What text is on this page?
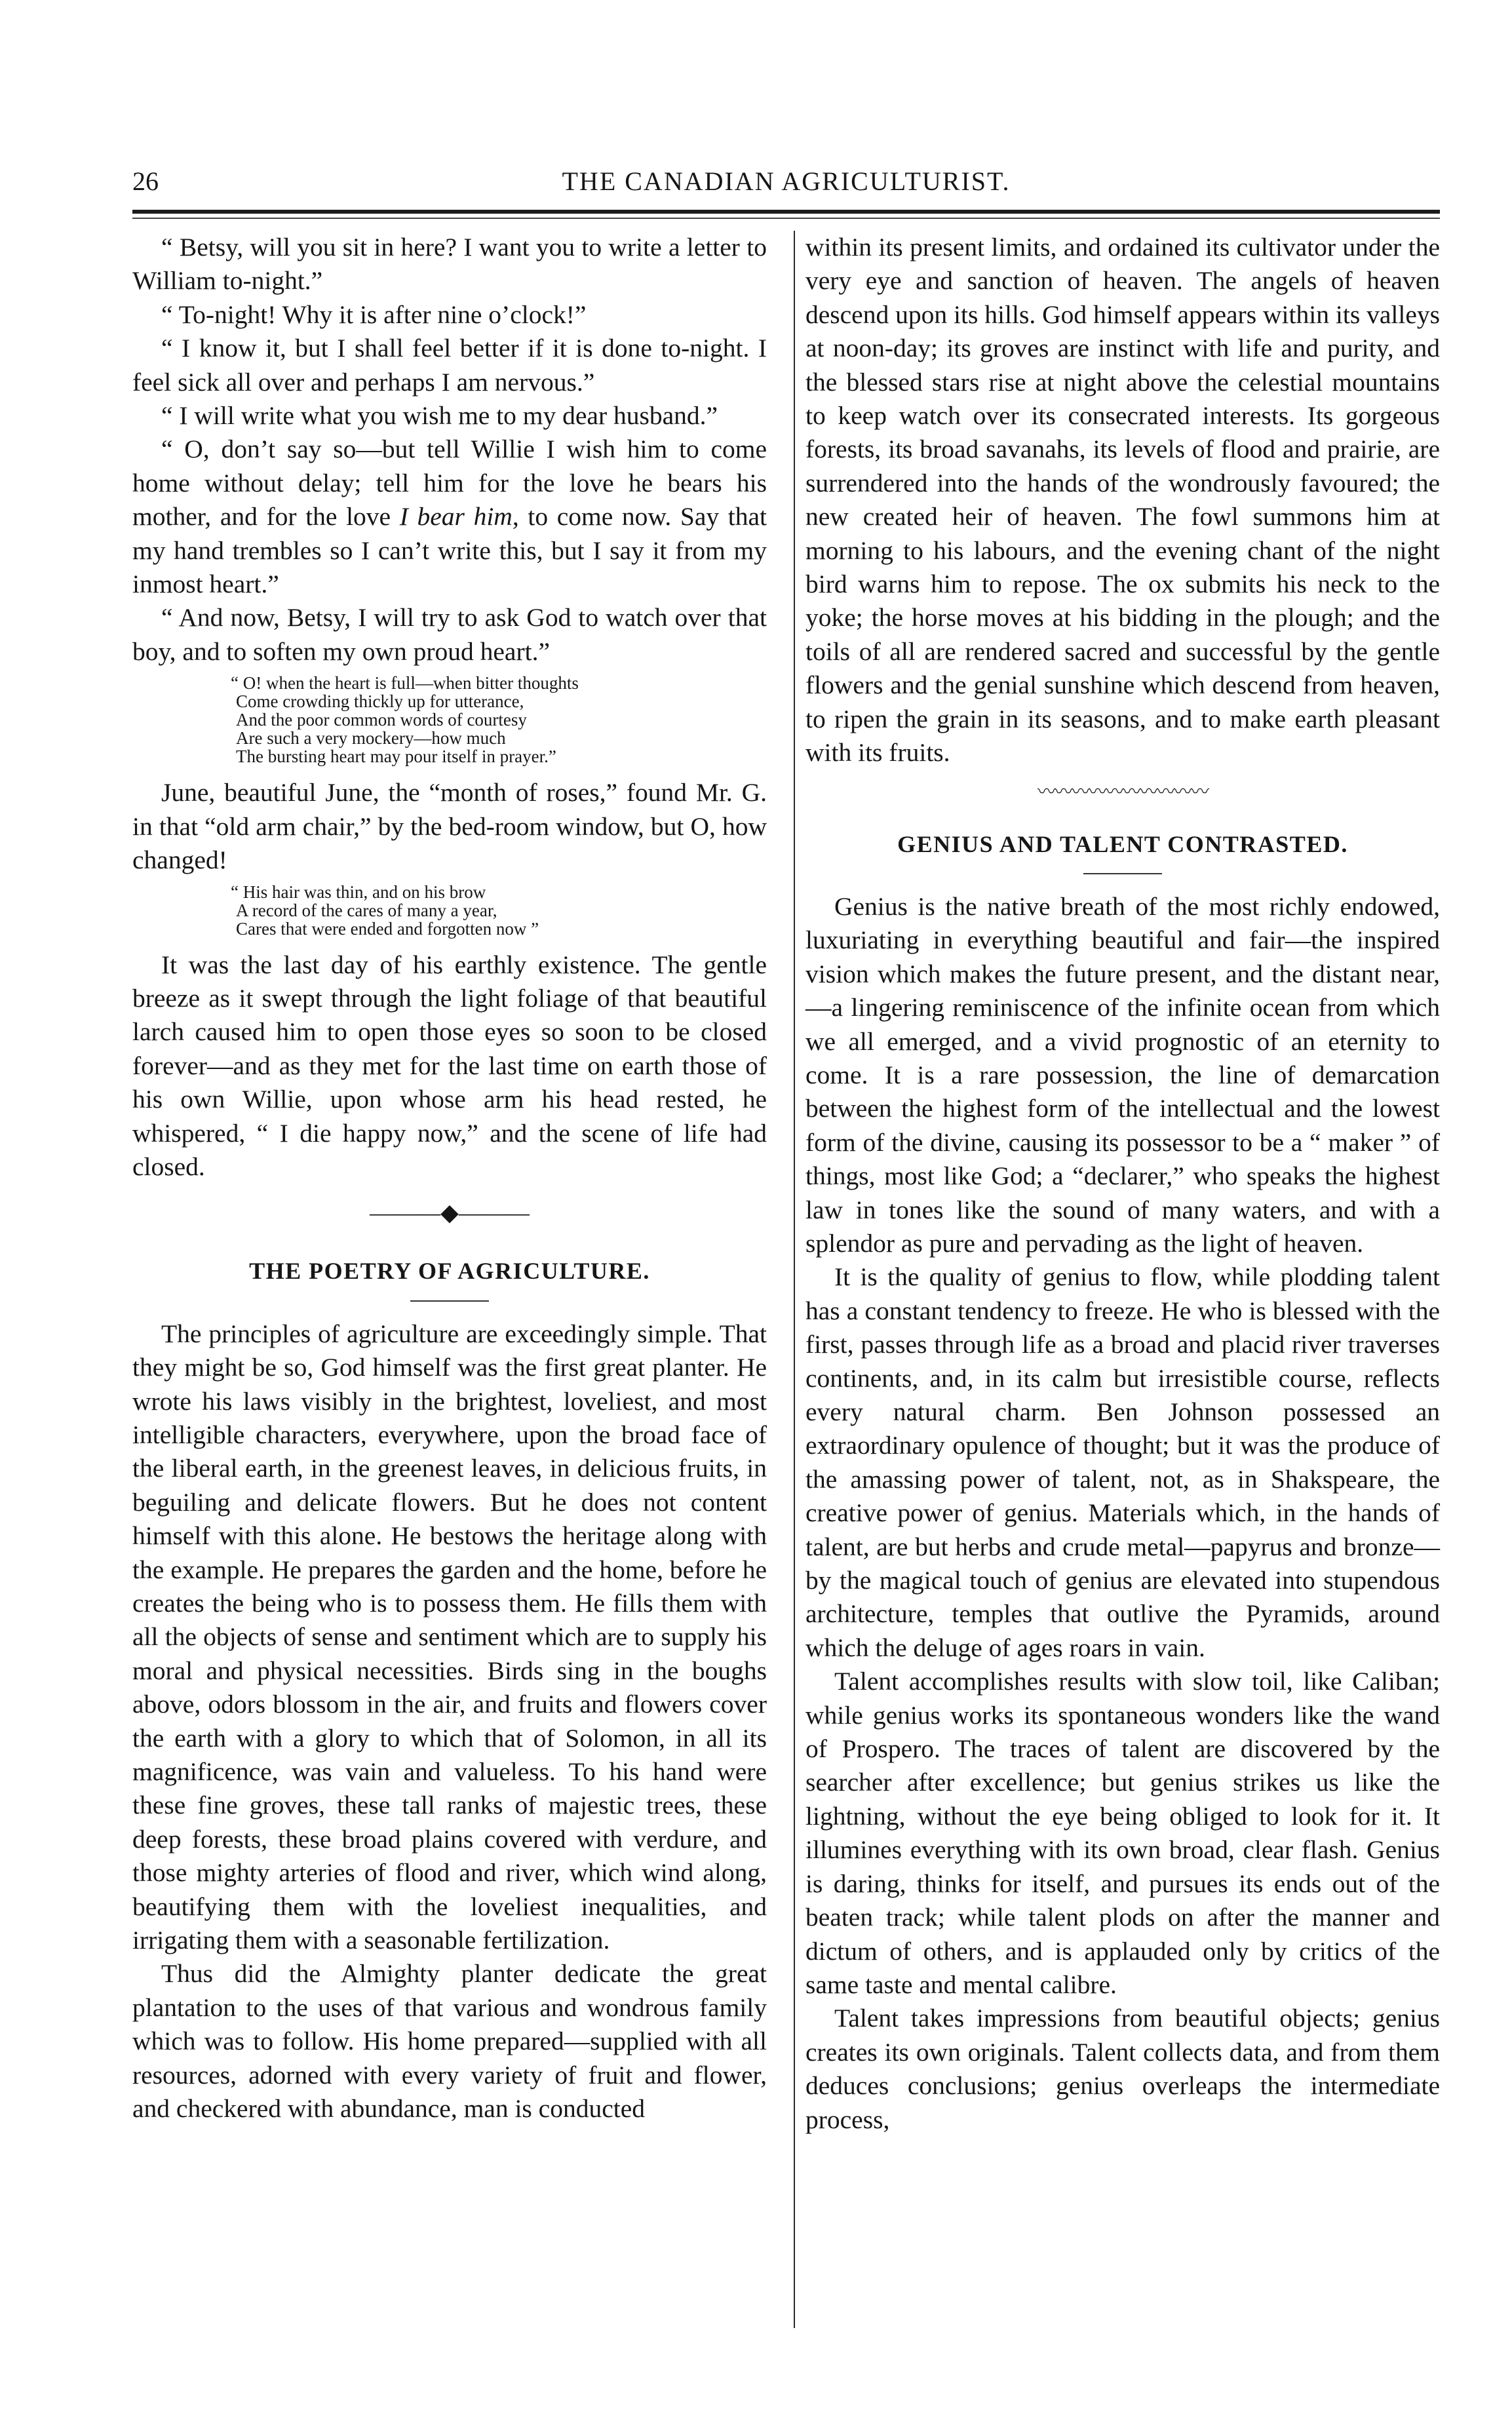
26	THE CANADIAN AGRICULTURIST.

“ Betsy, will you sit in here? I want you to write a letter to William to-night.”

“ To-night! Why it is after nine o’clock!”

“ I know it, but I shall feel better if it is done to-night. I feel sick all over and perhaps I am nervous.”

“ I will write what you wish me to my dear husband.”

“ O, don’t say so—but tell Willie I wish him to come home without delay; tell him for the love he bears his mother, and for the love I bear him, to come now. Say that my hand trembles so I can’t write this, but I say it from my inmost heart.”

“ And now, Betsy, I will try to ask God to watch over that boy, and to soften my own proud heart.”

“ O! when the heart is full—when bitter thoughts
Come crowding thickly up for utterance,
And the poor common words of courtesy
Are such a very mockery—how much
The bursting heart may pour itself in prayer.”

June, beautiful June, the “month of roses,” found Mr. G. in that “old arm chair,” by the bed-room window, but O, how changed!

“ His hair was thin, and on his brow
A record of the cares of many a year,
Cares that were ended and forgotten now ”

It was the last day of his earthly existence. The gentle breeze as it swept through the light foliage of that beautiful larch caused him to open those eyes so soon to be closed forever—and as they met for the last time on earth those of his own Willie, upon whose arm his head rested, he whispered, “ I die happy now,” and the scene of life had closed.

———◆———
THE POETRY OF AGRICULTURE.

The principles of agriculture are exceedingly simple. That they might be so, God himself was the first great planter. He wrote his laws visibly in the brightest, loveliest, and most intelligible characters, everywhere, upon the broad face of the liberal earth, in the greenest leaves, in delicious fruits, in beguiling and delicate flowers. But he does not content himself with this alone. He bestows the heritage along with the example. He prepares the garden and the home, before he creates the being who is to possess them. He fills them with all the objects of sense and sentiment which are to supply his moral and physical necessities. Birds sing in the boughs above, odors blossom in the air, and fruits and flowers cover the earth with a glory to which that of Solomon, in all its magnificence, was vain and valueless. To his hand were these fine groves, these tall ranks of majestic trees, these deep forests, these broad plains covered with verdure, and those mighty arteries of flood and river, which wind along, beautifying them with the loveliest inequalities, and irrigating them with a seasonable fertilization.

Thus did the Almighty planter dedicate the great plantation to the uses of that various and wondrous family which was to follow. His home prepared—supplied with all resources, adorned with every variety of fruit and flower, and checkered with abundance, man is conducted

within its present limits, and ordained its cultivator under the very eye and sanction of heaven. The angels of heaven descend upon its hills. God himself appears within its valleys at noon-day; its groves are instinct with life and purity, and the blessed stars rise at night above the celestial mountains to keep watch over its consecrated interests. Its gorgeous forests, its broad savanahs, its levels of flood and prairie, are surrendered into the hands of the wondrously favoured; the new created heir of heaven. The fowl summons him at morning to his labours, and the evening chant of the night bird warns him to repose. The ox submits his neck to the yoke; the horse moves at his bidding in the plough; and the toils of all are rendered sacred and successful by the gentle flowers and the genial sunshine which descend from heaven, to ripen the grain in its seasons, and to make earth pleasant with its fruits.

〰〰〰〰〰〰〰〰〰〰
GENIUS AND TALENT CONTRASTED.

Genius is the native breath of the most richly endowed, luxuriating in everything beautiful and fair—the inspired vision which makes the future present, and the distant near,—a lingering reminiscence of the infinite ocean from which we all emerged, and a vivid prognostic of an eternity to come. It is a rare possession, the line of demarcation between the highest form of the intellectual and the lowest form of the divine, causing its possessor to be a “ maker ” of things, most like God; a “declarer,” who speaks the highest law in tones like the sound of many waters, and with a splendor as pure and pervading as the light of heaven.

It is the quality of genius to flow, while plodding talent has a constant tendency to freeze. He who is blessed with the first, passes through life as a broad and placid river traverses continents, and, in its calm but irresistible course, reflects every natural charm. Ben Johnson possessed an extraordinary opulence of thought; but it was the produce of the amassing power of talent, not, as in Shakspeare, the creative power of genius. Materials which, in the hands of talent, are but herbs and crude metal—papyrus and bronze—by the magical touch of genius are elevated into stupendous architecture, temples that outlive the Pyramids, around which the deluge of ages roars in vain.

Talent accomplishes results with slow toil, like Caliban; while genius works its spontaneous wonders like the wand of Prospero. The traces of talent are discovered by the searcher after excellence; but genius strikes us like the lightning, without the eye being obliged to look for it. It illumines everything with its own broad, clear flash. Genius is daring, thinks for itself, and pursues its ends out of the beaten track; while talent plods on after the manner and dictum of others, and is applauded only by critics of the same taste and mental calibre.

Talent takes impressions from beautiful objects; genius creates its own originals. Talent collects data, and from them deduces conclusions; genius overleaps the intermediate process,
